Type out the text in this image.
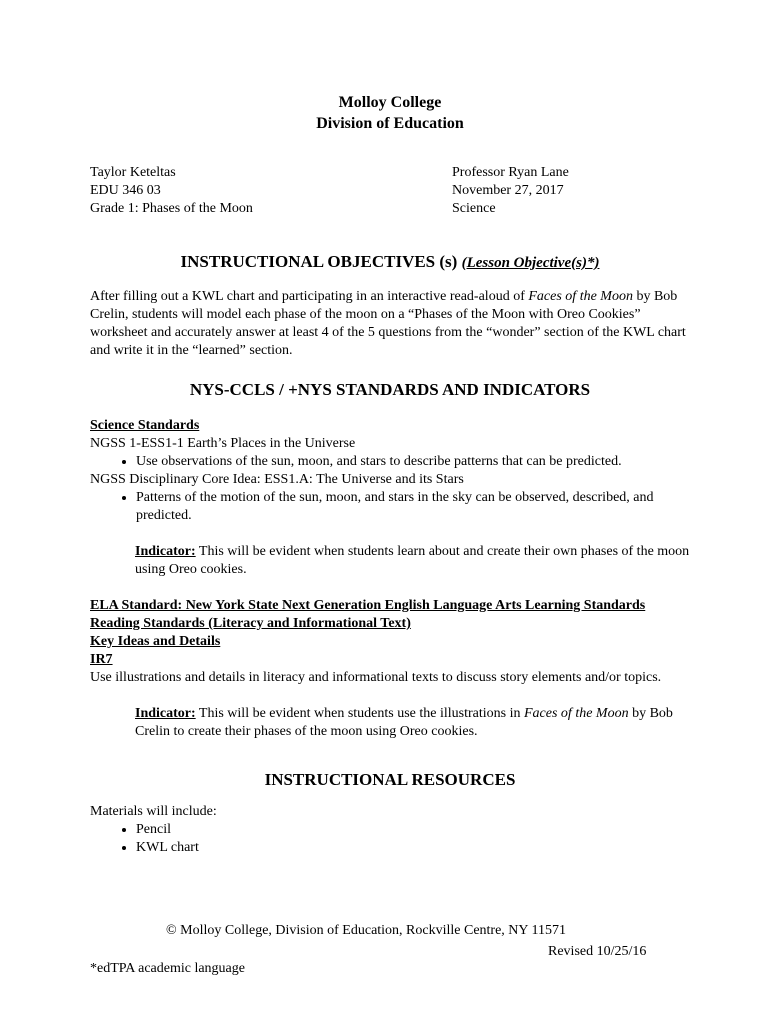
Molloy College
Division of Education
Taylor Keteltas
EDU 346 03
Grade 1: Phases of the Moon
Professor Ryan Lane
November 27, 2017
Science
INSTRUCTIONAL OBJECTIVES (s) (Lesson Objective(s)*)

After filling out a KWL chart and participating in an interactive read-aloud of Faces of the Moon by Bob Crelin, students will model each phase of the moon on a “Phases of the Moon with Oreo Cookies” worksheet and accurately answer at least 4 of the 5 questions from the “wonder” section of the KWL chart and write it in the “learned” section.

NYS-CCLS / +NYS STANDARDS AND INDICATORS
Science Standards
NGSS 1-ESS1-1 Earth’s Places in the Universe
• Use observations of the sun, moon, and stars to describe patterns that can be predicted.
NGSS Disciplinary Core Idea: ESS1.A: The Universe and its Stars
• Patterns of the motion of the sun, moon, and stars in the sky can be observed, described, and predicted.

Indicator: This will be evident when students learn about and create their own phases of the moon using Oreo cookies.

ELA Standard: New York State Next Generation English Language Arts Learning Standards
Reading Standards (Literacy and Informational Text)
Key Ideas and Details
IR7

Use illustrations and details in literacy and informational texts to discuss story elements and/or topics.

Indicator: This will be evident when students use the illustrations in Faces of the Moon by Bob Crelin to create their phases of the moon using Oreo cookies.

INSTRUCTIONAL RESOURCES
Materials will include:
• Pencil
• KWL chart
© Molloy College, Division of Education, Rockville Centre, NY 11571
Revised 10/25/16
*edTPA academic language
